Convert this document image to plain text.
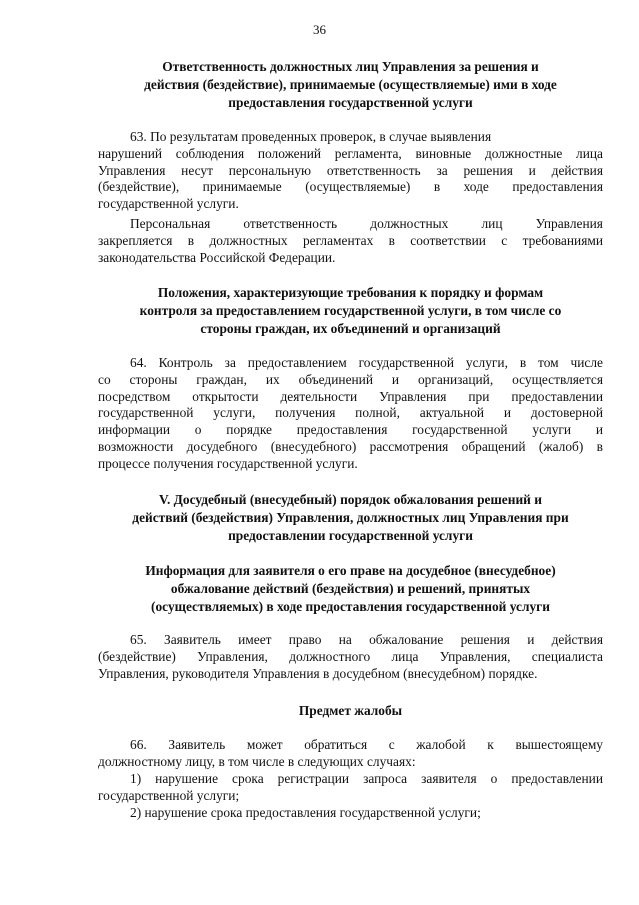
36
Ответственность должностных лиц Управления за решения и
действия (бездействие), принимаемые (осуществляемые) ими в ходе
предоставления государственной услуги
63. По результатам проведенных проверок, в случае выявления
нарушений соблюдения положений регламента, виновные должностные лица
Управления несут персональную ответственность за решения и действия
(бездействие), принимаемые (осуществляемые) в ходе предоставления
государственной услуги.
Персональная ответственность должностных лиц Управления
закрепляется в должностных регламентах в соответствии с требованиями
законодательства Российской Федерации.
Положения, характеризующие требования к порядку и формам
контроля за предоставлением государственной услуги, в том числе со
стороны граждан, их объединений и организаций
64. Контроль за предоставлением государственной услуги, в том числе
со стороны граждан, их объединений и организаций, осуществляется
посредством открытости деятельности Управления при предоставлении
государственной услуги, получения полной, актуальной и достоверной
информации о порядке предоставления государственной услуги и
возможности досудебного (внесудебного) рассмотрения обращений (жалоб) в
процессе получения государственной услуги.
V. Досудебный (внесудебный) порядок обжалования решений и
действий (бездействия) Управления, должностных лиц Управления при
предоставлении государственной услуги
Информация для заявителя о его праве на досудебное (внесудебное)
обжалование действий (бездействия) и решений, принятых
(осуществляемых) в ходе предоставления государственной услуги
65. Заявитель имеет право на обжалование решения и действия
(бездействие) Управления, должностного лица Управления, специалиста
Управления, руководителя Управления в досудебном (внесудебном) порядке.
Предмет жалобы
66. Заявитель может обратиться с жалобой к вышестоящему
должностному лицу, в том числе в следующих случаях:
1) нарушение срока регистрации запроса заявителя о предоставлении
государственной услуги;
2) нарушение срока предоставления государственной услуги;
